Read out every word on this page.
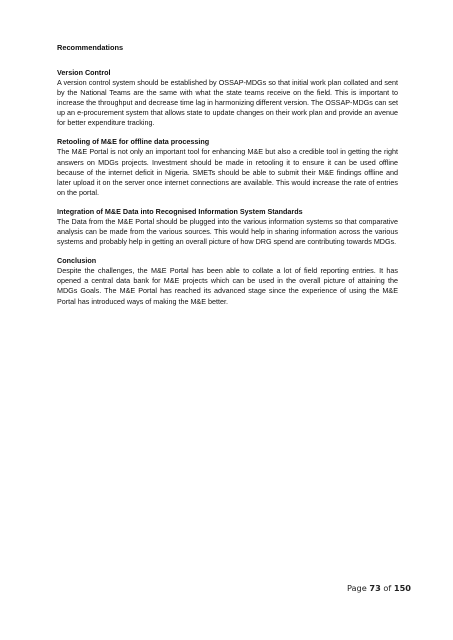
Recommendations

Version Control

A version control system should be established by OSSAP-MDGs so that initial work plan collated and sent by the National Teams are the same with what the state teams receive on the field. This is important to increase the throughput and decrease time lag in harmonizing different version. The OSSAP-MDGs can set up an e-procurement system that allows state to update changes on their work plan and provide an avenue for better expenditure tracking.

Retooling of M&E for offline data processing

The M&E Portal is not only an important tool for enhancing M&E but also a credible tool in getting the right answers on MDGs projects. Investment should be made in retooling it to ensure it can be used offline because of the internet deficit in Nigeria. SMETs should be able to submit their M&E findings offline and later upload it on the server once internet connections are available. This would increase the rate of entries on the portal.

Integration of M&E Data into Recognised Information System Standards

The Data from the M&E Portal should be plugged into the various information systems so that comparative analysis can be made from the various sources. This would help in sharing information across the various systems and probably help in getting an overall picture of how DRG spend are contributing towards MDGs.

Conclusion

Despite the challenges, the M&E Portal has been able to collate a lot of field reporting entries. It has opened a central data bank for M&E projects which can be used in the overall picture of attaining the MDGs Goals. The M&E Portal has reached its advanced stage since the experience of using the M&E Portal has introduced ways of making the M&E better.

Page 73 of 150
